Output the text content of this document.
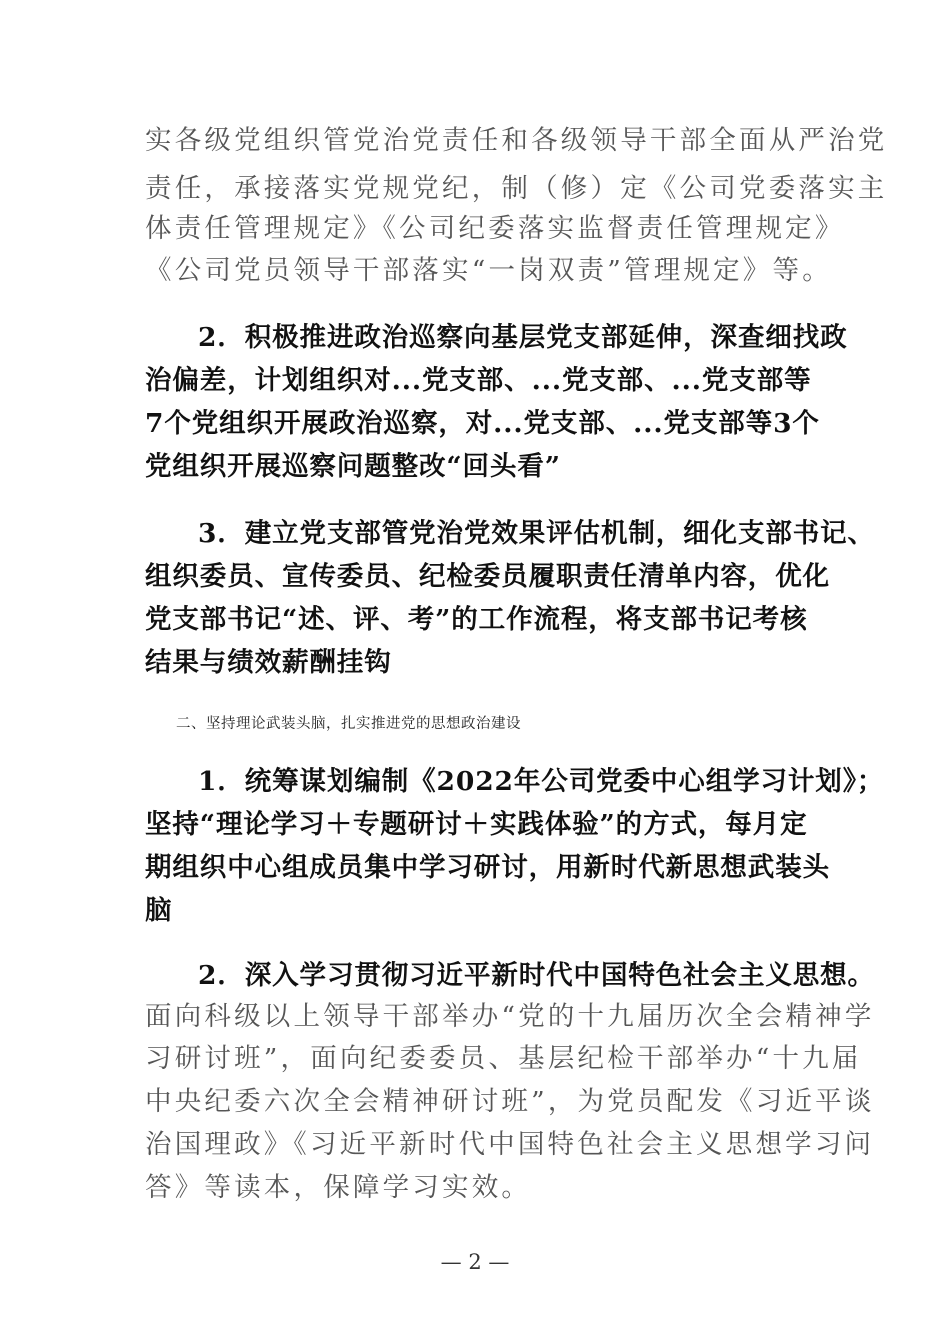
实各级党组织管党治党责任和各级领导干部全面从严治党
责任，承接落实党规党纪，制（修）定《公司党委落实主
体责任管理规定》《公司纪委落实监督责任管理规定》
《公司党员领导干部落实“一岗双责”管理规定》等。
2．积极推进政治巡察向基层党支部延伸，深查细找政
治偏差，计划组织对...党支部、...党支部、...党支部等
7个党组织开展政治巡察，对...党支部、...党支部等3个
党组织开展巡察问题整改“回头看”
3．建立党支部管党治党效果评估机制，细化支部书记、
组织委员、宣传委员、纪检委员履职责任清单内容，优化
党支部书记“述、评、考”的工作流程，将支部书记考核
结果与绩效薪酬挂钩
二、坚持理论武装头脑，扎实推进党的思想政治建设
1．统筹谋划编制《2022年公司党委中心组学习计划》；
坚持“理论学习＋专题研讨＋实践体验”的方式，每月定
期组织中心组成员集中学习研讨，用新时代新思想武装头
脑
2．深入学习贯彻习近平新时代中国特色社会主义思想。
面向科级以上领导干部举办“党的十九届历次全会精神学
习研讨班”，面向纪委委员、基层纪检干部举办“十九届
中央纪委六次全会精神研讨班”，为党员配发《习近平谈
治国理政》《习近平新时代中国特色社会主义思想学习问
答》等读本，保障学习实效。
— 2 —
